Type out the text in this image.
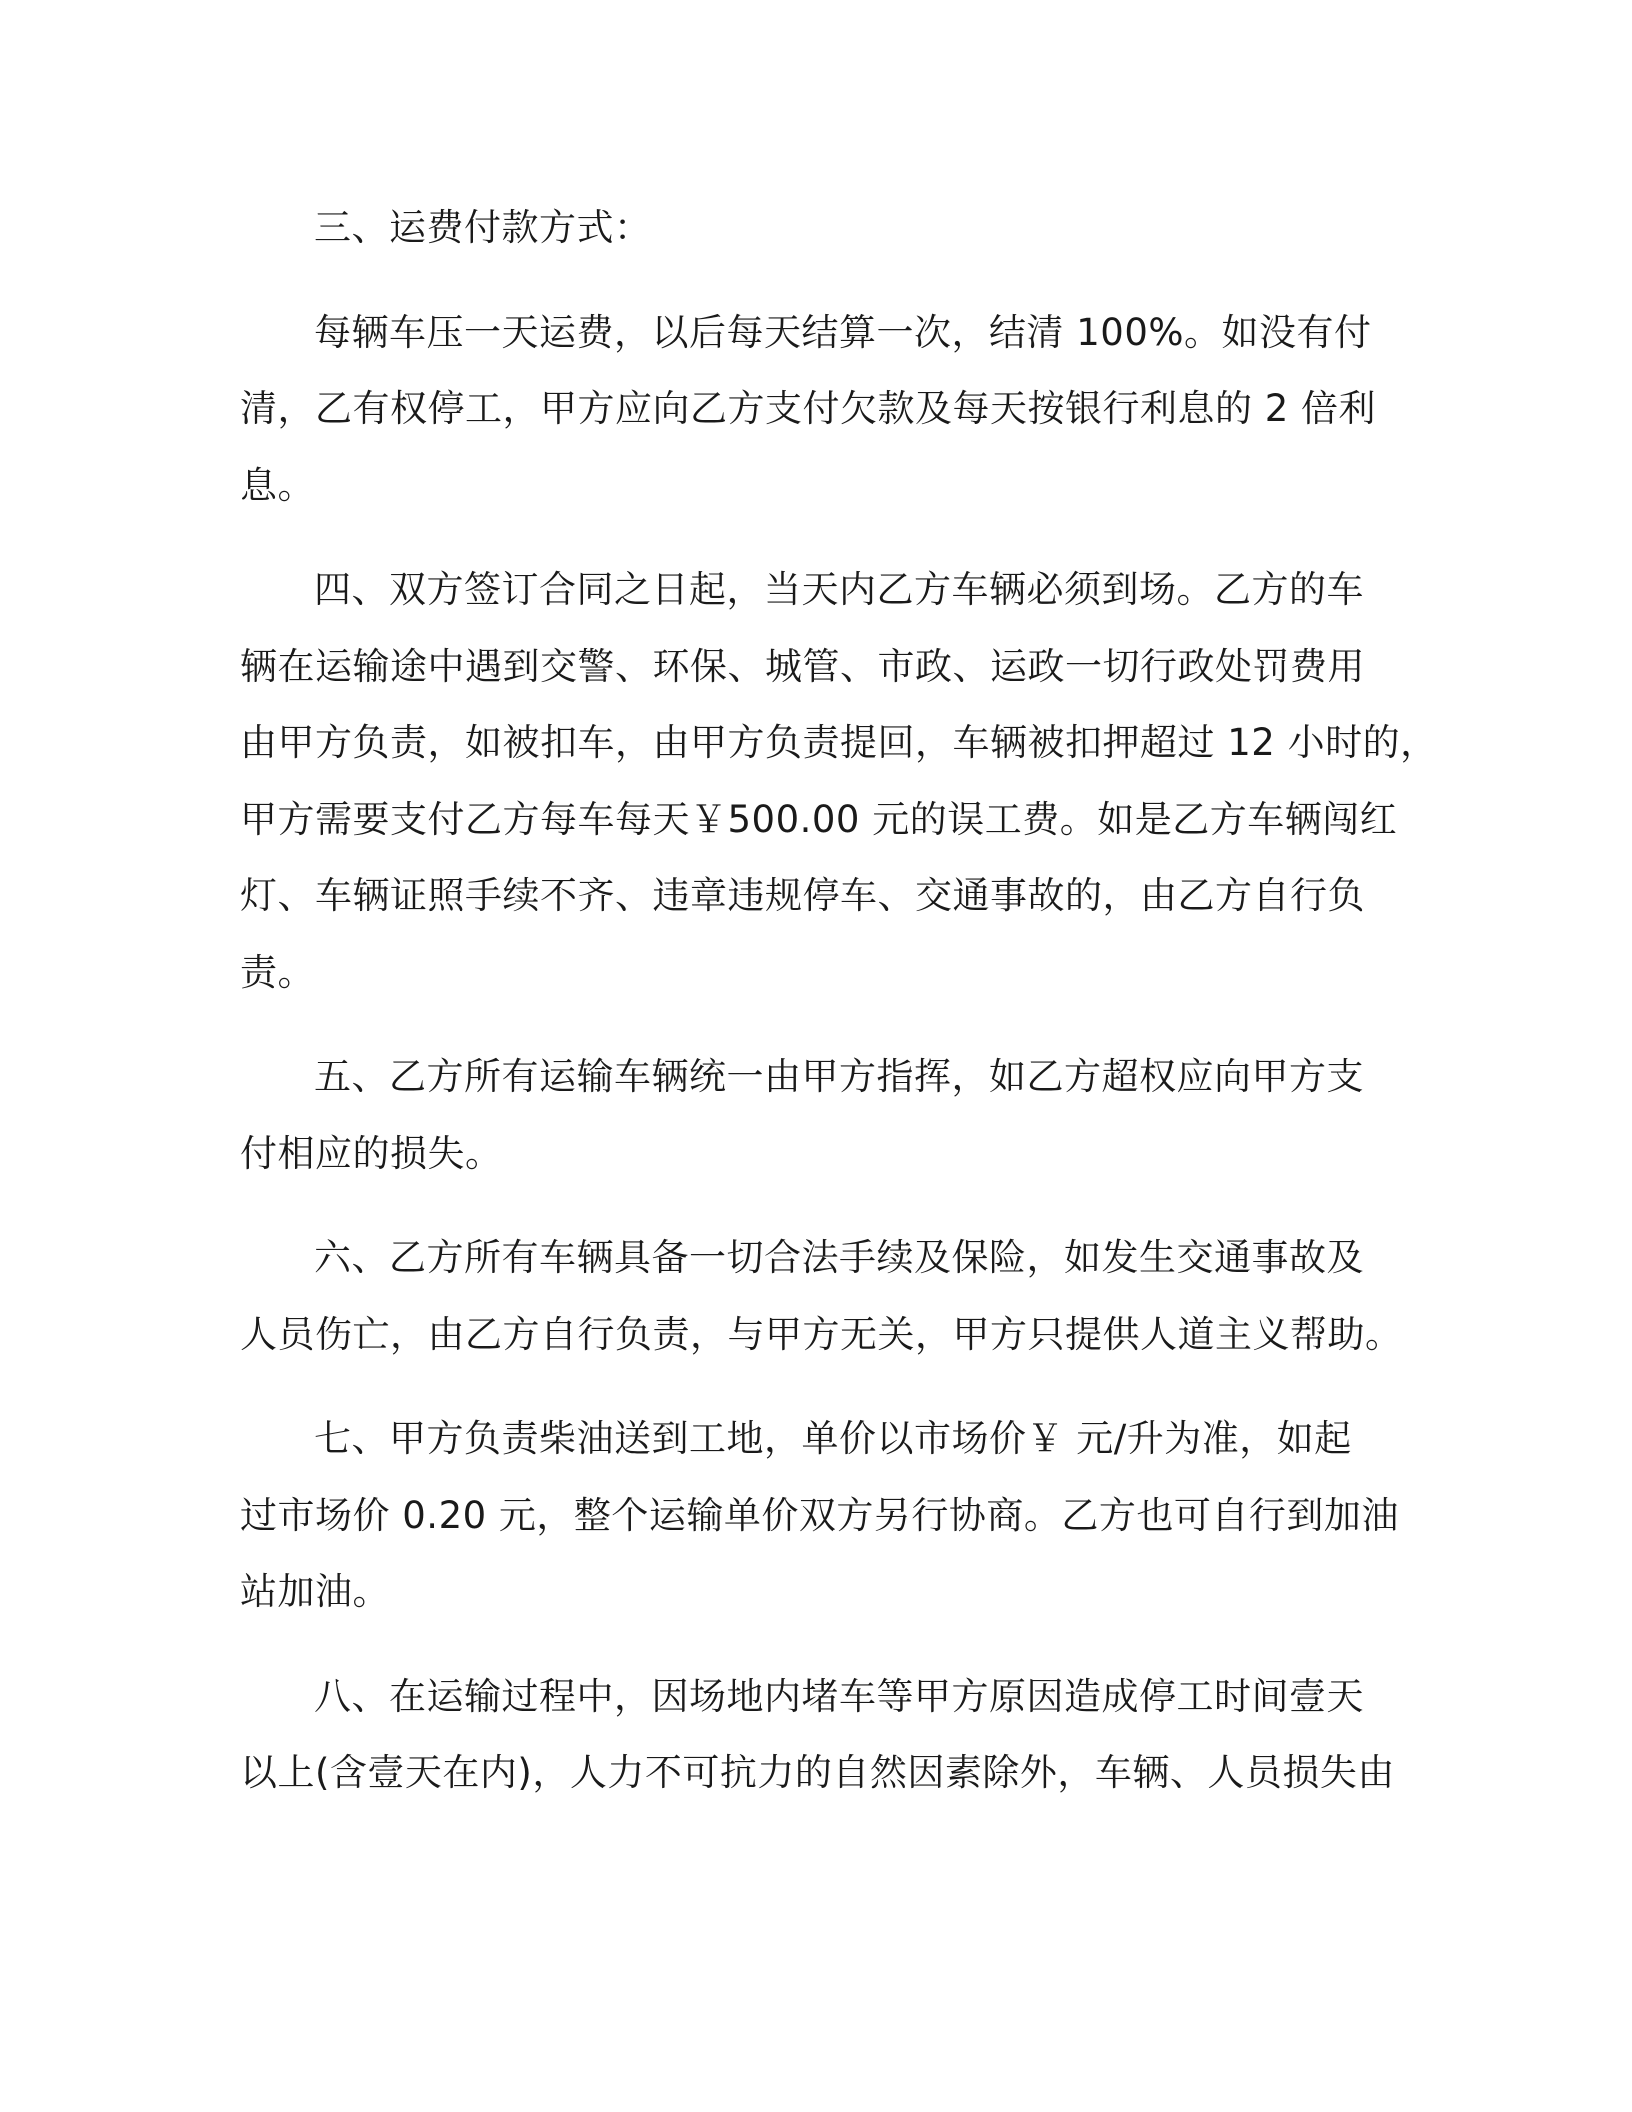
三、运费付款方式：
每辆车压一天运费，以后每天结算一次，结清 100%。如没有付
清，乙有权停工，甲方应向乙方支付欠款及每天按银行利息的 2 倍利
息。
四、双方签订合同之日起，当天内乙方车辆必须到场。乙方的车
辆在运输途中遇到交警、环保、城管、市政、运政一切行政处罚费用
由甲方负责，如被扣车，由甲方负责提回，车辆被扣押超过 12 小时的，
甲方需要支付乙方每车每天￥500.00 元的误工费。如是乙方车辆闯红
灯、车辆证照手续不齐、违章违规停车、交通事故的，由乙方自行负
责。
五、乙方所有运输车辆统一由甲方指挥，如乙方超权应向甲方支
付相应的损失。
六、乙方所有车辆具备一切合法手续及保险，如发生交通事故及
人员伤亡，由乙方自行负责，与甲方无关，甲方只提供人道主义帮助。
七、甲方负责柴油送到工地，单价以市场价￥ 元/升为准，如起
过市场价 0.20 元，整个运输单价双方另行协商。乙方也可自行到加油
站加油。
八、在运输过程中，因场地内堵车等甲方原因造成停工时间壹天
以上(含壹天在内)，人力不可抗力的自然因素除外，车辆、人员损失由
